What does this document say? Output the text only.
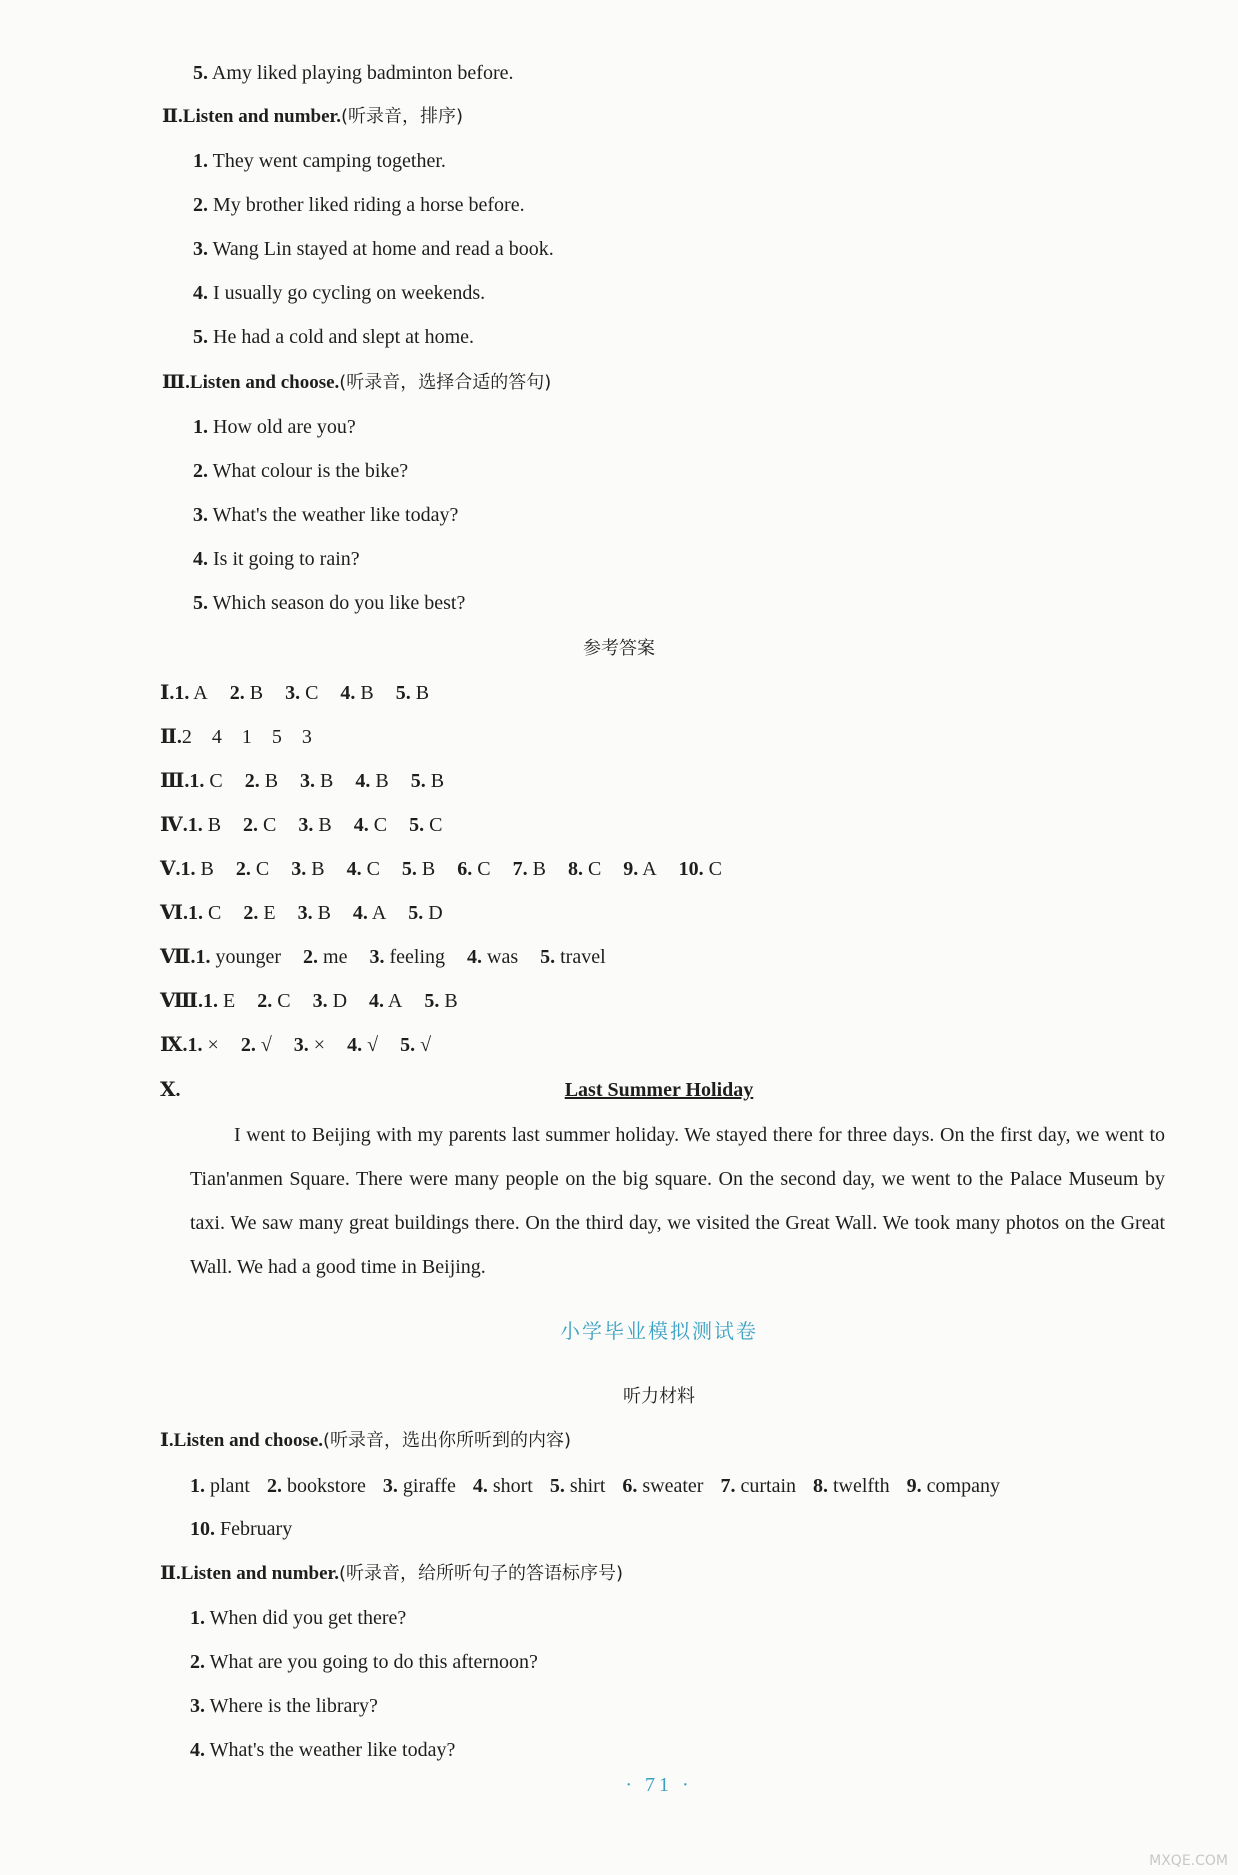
5. Amy liked playing badminton before.
Ⅱ.Listen and number.(听录音，排序)
1. They went camping together.
2. My brother liked riding a horse before.
3. Wang Lin stayed at home and read a book.
4. I usually go cycling on weekends.
5. He had a cold and slept at home.
Ⅲ.Listen and choose.(听录音，选择合适的答句)
1. How old are you?
2. What colour is the bike?
3. What's the weather like today?
4. Is it going to rain?
5. Which season do you like best?
参考答案
Ⅰ.1. A 2. B 3. C 4. B 5. B
Ⅱ.2　4　1　5　3
Ⅲ.1. C 2. B 3. B 4. B 5. B
Ⅳ.1. B 2. C 3. B 4. C 5. C
Ⅴ.1. B 2. C 3. B 4. C 5. B 6. C 7. B 8. C 9. A 10. C
Ⅵ.1. C 2. E 3. B 4. A 5. D
Ⅶ.1. younger 2. me 3. feeling 4. was 5. travel
Ⅷ.1. E 2. C 3. D 4. A 5. B
Ⅸ.1. × 2. √ 3. × 4. √ 5. √
Ⅹ.	Last Summer Holiday
I went to Beijing with my parents last summer holiday. We stayed there for three days. On the first day, we went to Tian'anmen Square. There were many people on the big square. On the second day, we went to the Palace Museum by taxi. We saw many great buildings there. On the third day, we visited the Great Wall. We took many photos on the Great Wall. We had a good time in Beijing.
小学毕业模拟测试卷
听力材料
Ⅰ.Listen and choose.(听录音，选出你所听到的内容)
1. plant 2. bookstore 3. giraffe 4. short 5. shirt 6. sweater 7. curtain 8. twelfth 9. company
10. February
Ⅱ.Listen and number.(听录音，给所听句子的答语标序号)
1. When did you get there?
2. What are you going to do this afternoon?
3. Where is the library?
4. What's the weather like today?
· 71 ·
MXQE.COM
